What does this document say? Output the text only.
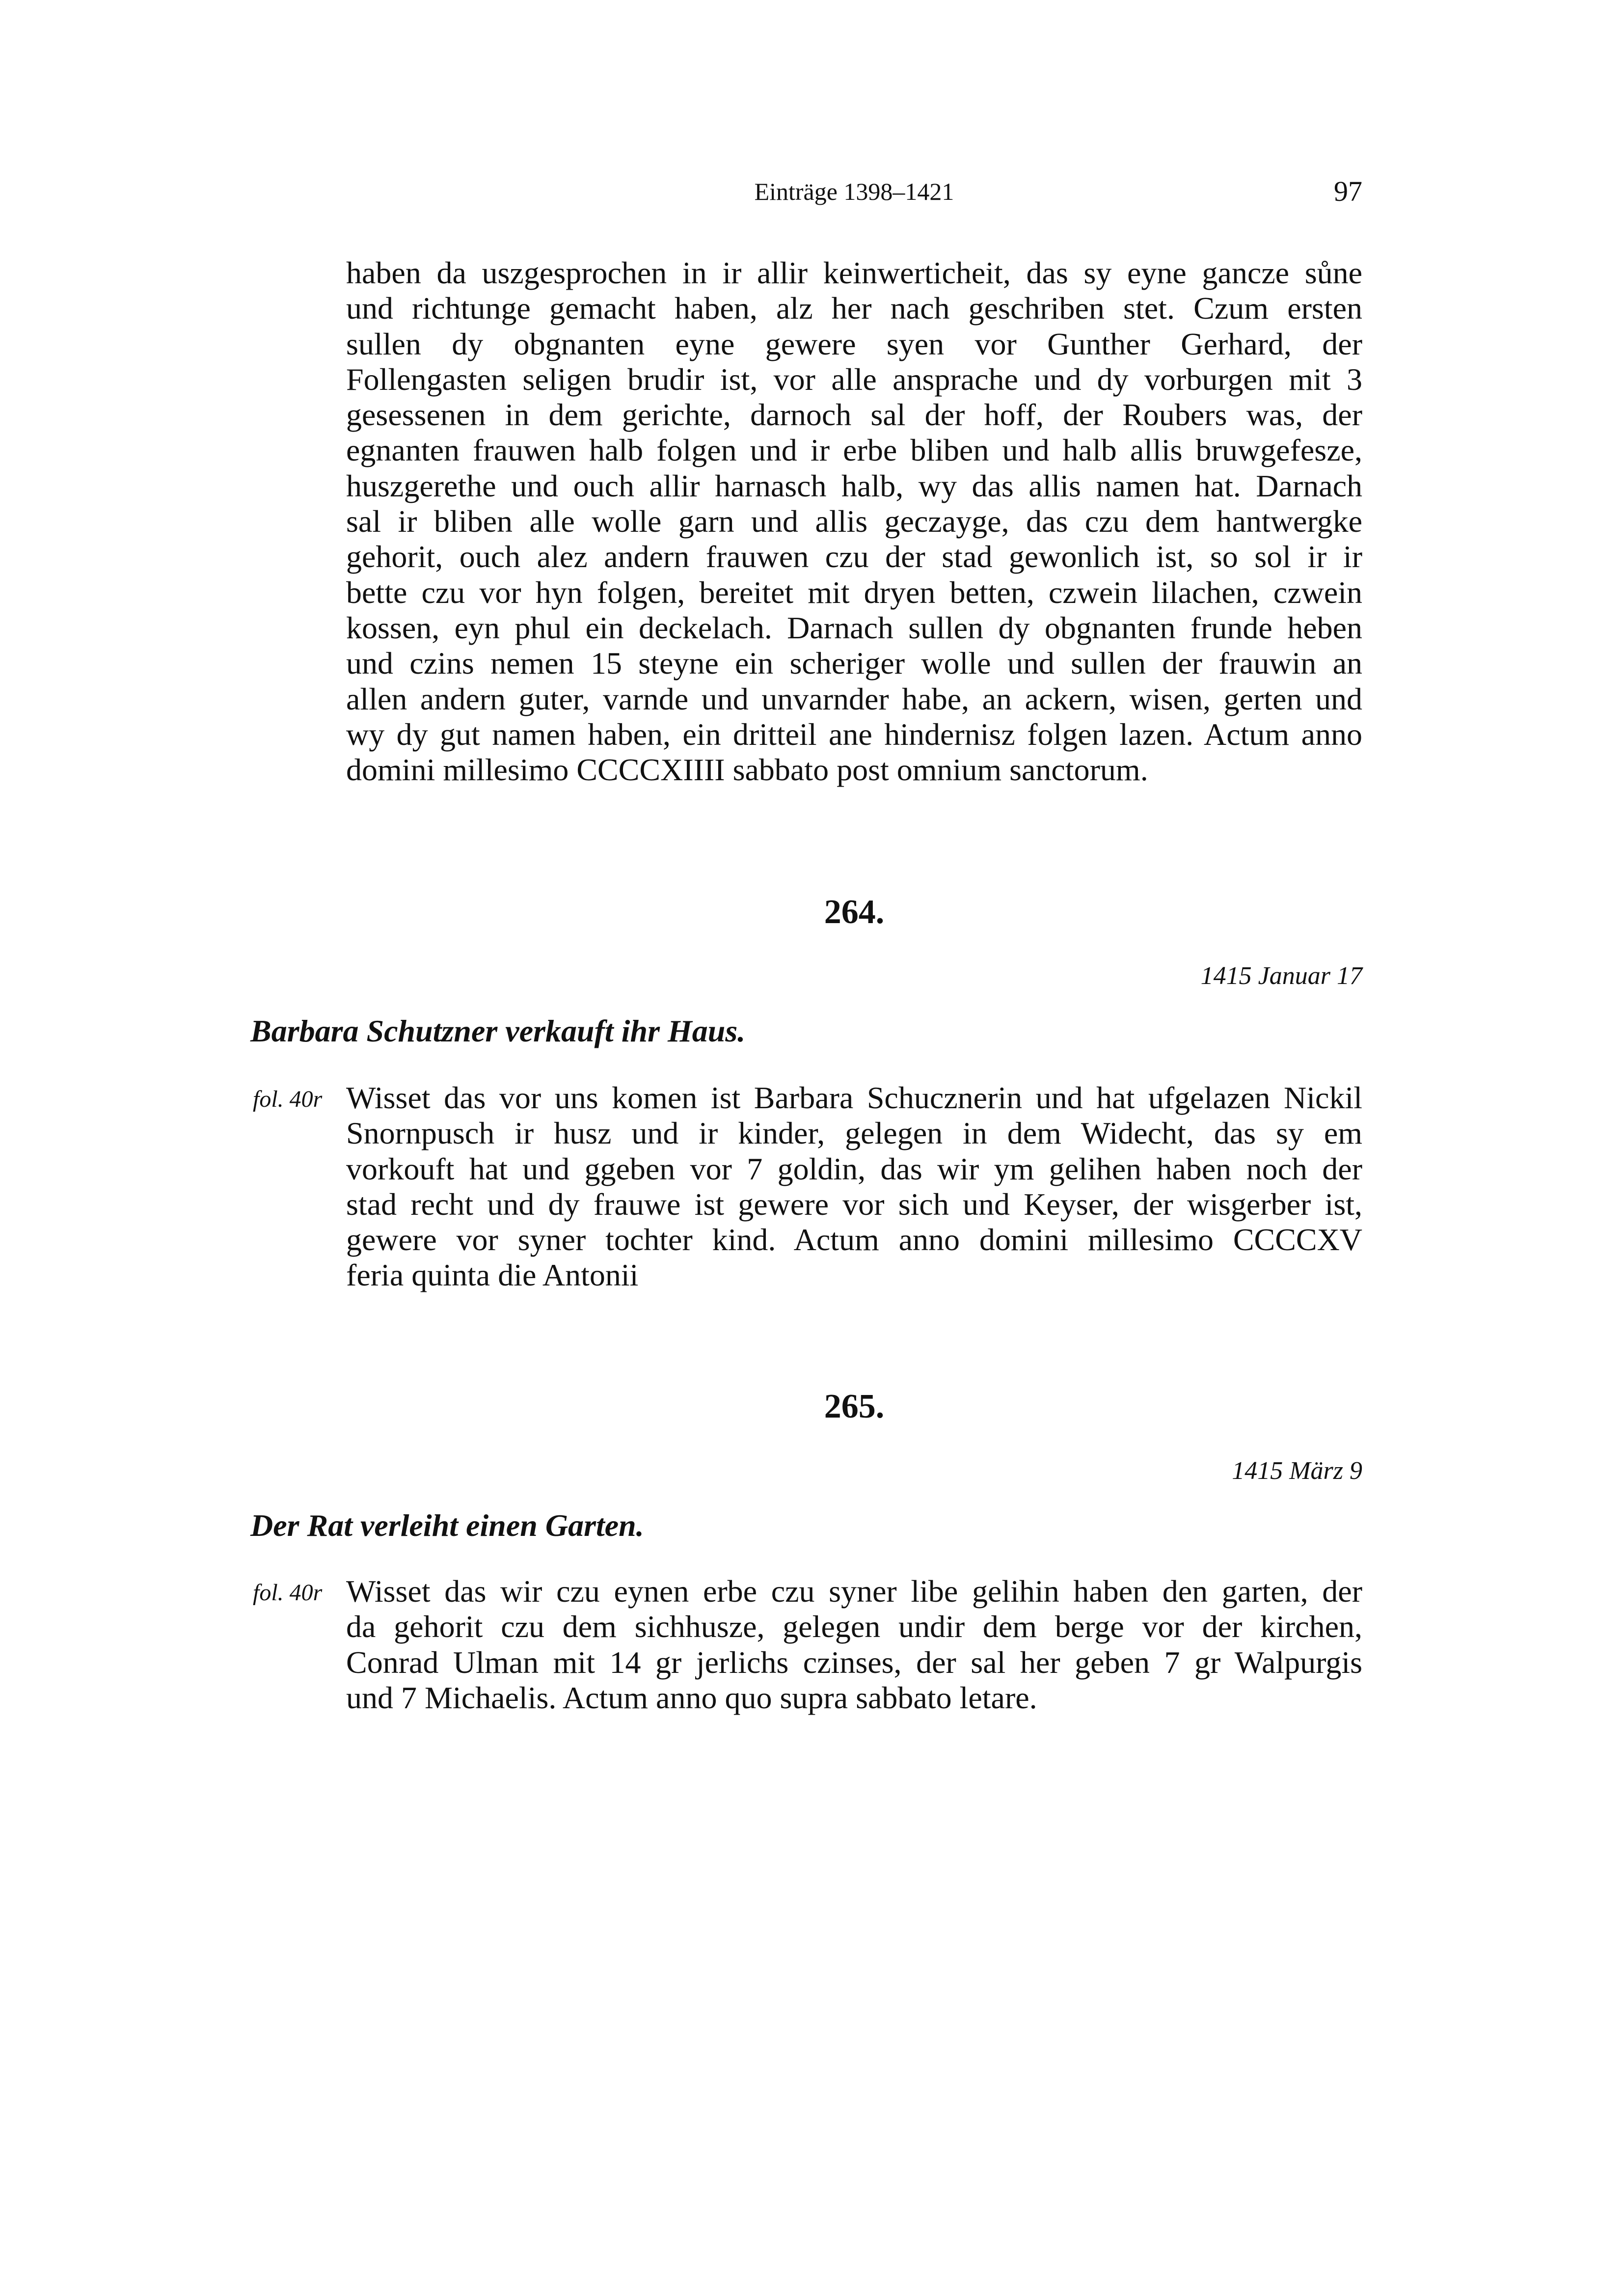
Einträge 1398–1421	97

haben da uszgesprochen in ir allir keinwerticheit, das sy eyne gancze sůne
und richtunge gemacht haben, alz her nach geschriben stet. Czum ersten
sullen dy obgnanten eyne gewere syen vor Gunther Gerhard, der
Follengasten seligen brudir ist, vor alle ansprache und dy vorburgen mit 3
gesessenen in dem gerichte, darnoch sal der hoff, der Roubers was, der
egnanten frauwen halb folgen und ir erbe bliben und halb allis bruwgefesze,
huszgerethe und ouch allir harnasch halb, wy das allis namen hat. Darnach
sal ir bliben alle wolle garn und allis geczayge, das czu dem hantwergke
gehorit, ouch alez andern frauwen czu der stad gewonlich ist, so sol ir ir
bette czu vor hyn folgen, bereitet mit dryen betten, czwein lilachen, czwein
kossen, eyn phul ein deckelach. Darnach sullen dy obgnanten frunde heben
und czins nemen 15 steyne ein scheriger wolle und sullen der frauwin an
allen andern guter, varnde und unvarnder habe, an ackern, wisen, gerten und
wy dy gut namen haben, ein dritteil ane hindernisz folgen lazen. Actum anno
domini millesimo CCCCXIIII sabbato post omnium sanctorum.

264.
1415 Januar 17
Barbara Schutzner verkauft ihr Haus.
fol. 40r Wisset das vor uns komen ist Barbara Schucznerin und hat ufgelazen Nickil
Snornpusch ir husz und ir kinder, gelegen in dem Widecht, das sy em
vorkouft hat und ggeben vor 7 goldin, das wir ym gelihen haben noch der
stad recht und dy frauwe ist gewere vor sich und Keyser, der wisgerber ist,
gewere vor syner tochter kind. Actum anno domini millesimo CCCCXV
feria quinta die Antonii

265.
1415 März 9
Der Rat verleiht einen Garten.
fol. 40r Wisset das wir czu eynen erbe czu syner libe gelihin haben den garten, der
da gehorit czu dem sichhusze, gelegen undir dem berge vor der kirchen,
Conrad Ulman mit 14 gr jerlichs czinses, der sal her geben 7 gr Walpurgis
und 7 Michaelis. Actum anno quo supra sabbato letare.
